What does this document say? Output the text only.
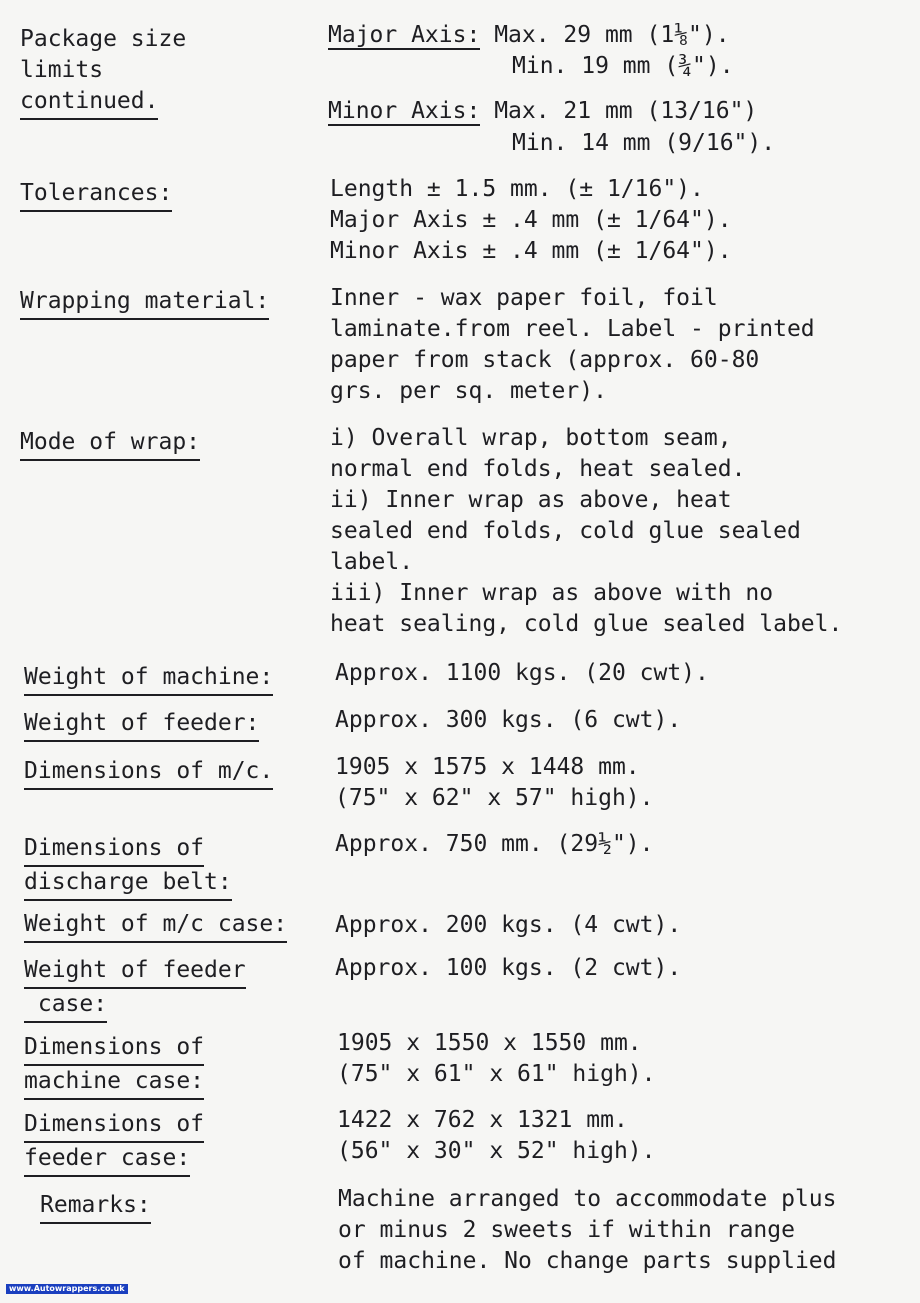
Package size
limits
continued.
Major Axis: Max. 29 mm (1⅛").
Min. 19 mm (¾").
Minor Axis: Max. 21 mm (13/16")
Min. 14 mm (9/16").
Tolerances:	Length ± 1.5 mm. (± 1/16").
Major Axis ± .4 mm (± 1/64").
Minor Axis ± .4 mm (± 1/64").
Wrapping material:	Inner - wax paper foil, foil
laminate.from reel. Label - printed
paper from stack (approx. 60-80
grs. per sq. meter).
Mode of wrap:	i) Overall wrap, bottom seam,
normal end folds, heat sealed.
ii) Inner wrap as above, heat
sealed end folds, cold glue sealed
label.
iii) Inner wrap as above with no
heat sealing, cold glue sealed label.
Weight of machine:	Approx. 1100 kgs. (20 cwt).
Weight of feeder:	Approx. 300 kgs. (6 cwt).
Dimensions of m/c.	1905 x 1575 x 1448 mm.
(75" x 62" x 57" high).
Dimensions of
discharge belt:
Approx. 750 mm. (29½").
Weight of m/c case: Approx. 200 kgs. (4 cwt).
Weight of feeder
case:
Approx. 100 kgs. (2 cwt).
Dimensions of
machine case:
1905 x 1550 x 1550 mm.
(75" x 61" x 61" high).
Dimensions of
feeder case:
1422 x 762 x 1321 mm.
(56" x 30" x 52" high).
Remarks:	Machine arranged to accommodate plus
or minus 2 sweets if within range
of machine. No change parts supplied
www.Autowrappers.co.uk
